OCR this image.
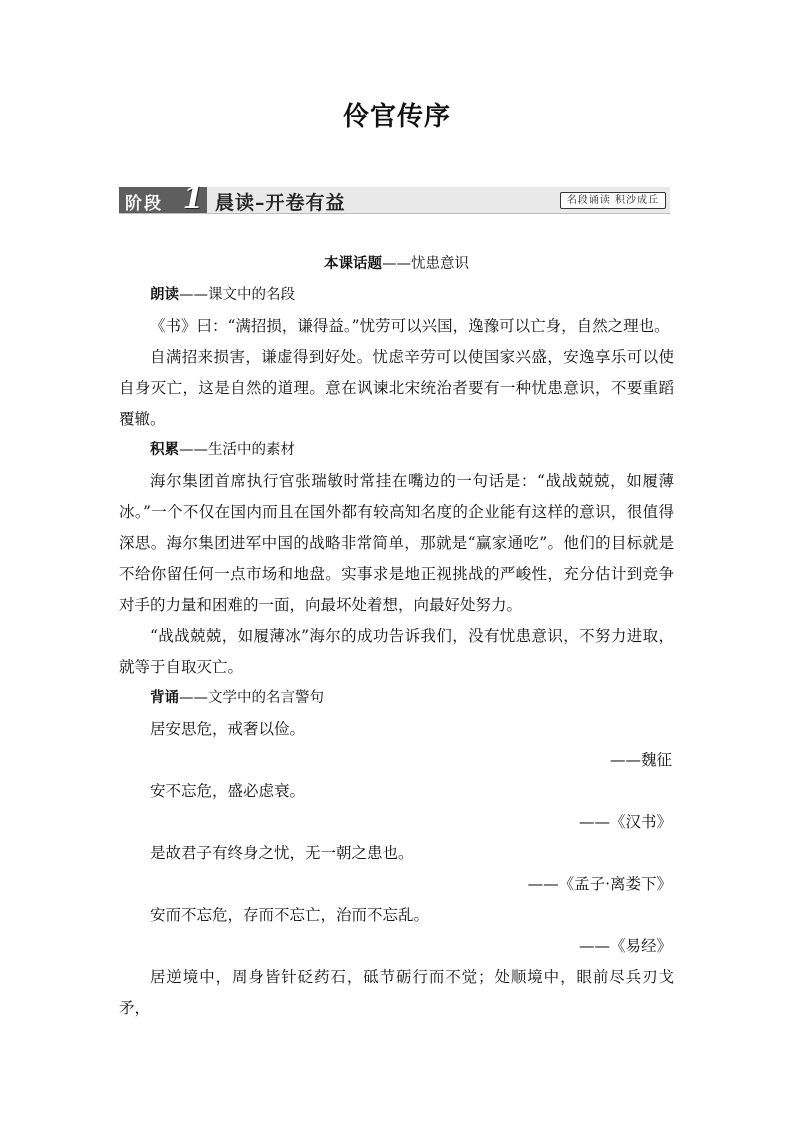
伶官传序
阶段 1 晨读–开卷有益	名段诵读 积沙成丘
本课话题——忧患意识
朗读——课文中的名段

《书》曰：“满招损，谦得益。”忧劳可以兴国，逸豫可以亡身，自然之理也。

自满招来损害，谦虚得到好处。忧虑辛劳可以使国家兴盛，安逸享乐可以使自身灭亡，这是自然的道理。意在讽谏北宋统治者要有一种忧患意识，不要重蹈覆辙。

积累——生活中的素材

海尔集团首席执行官张瑞敏时常挂在嘴边的一句话是：“战战兢兢，如履薄冰。”一个不仅在国内而且在国外都有较高知名度的企业能有这样的意识，很值得深思。海尔集团进军中国的战略非常简单，那就是“赢家通吃”。他们的目标就是不给你留任何一点市场和地盘。实事求是地正视挑战的严峻性，充分估计到竞争对手的力量和困难的一面，向最坏处着想，向最好处努力。

“战战兢兢，如履薄冰”海尔的成功告诉我们，没有忧患意识，不努力进取，就等于自取灭亡。

背诵——文学中的名言警句
居安思危，戒奢以俭。
——魏征
安不忘危，盛必虑衰。
——《汉书》
是故君子有终身之忧，无一朝之患也。
——《孟子·离娄下》
安而不忘危，存而不忘亡，治而不忘乱。
——《易经》

居逆境中，周身皆针砭药石，砥节砺行而不觉；处顺境中，眼前尽兵刃戈矛，
